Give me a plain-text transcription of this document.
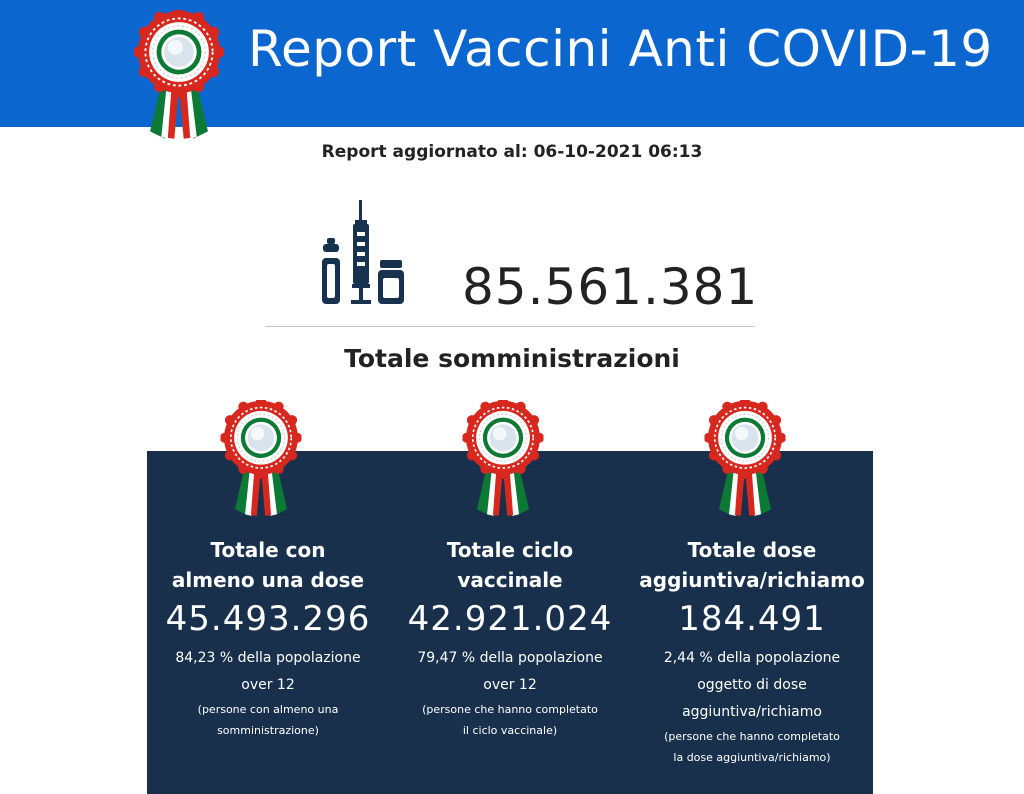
Report Vaccini Anti COVID-19
Report aggiornato al: 06-10-2021 06:13
85.561.381
Totale somministrazioni
Totale con
almeno una dose
45.493.296
84,23 % della popolazione
over 12
(persone con almeno una
somministrazione)
Totale ciclo
vaccinale
42.921.024
79,47 % della popolazione
over 12
(persone che hanno completato
il ciclo vaccinale)
Totale dose
aggiuntiva/richiamo
184.491
2,44 % della popolazione
oggetto di dose
aggiuntiva/richiamo
(persone che hanno completato
la dose aggiuntiva/richiamo)
